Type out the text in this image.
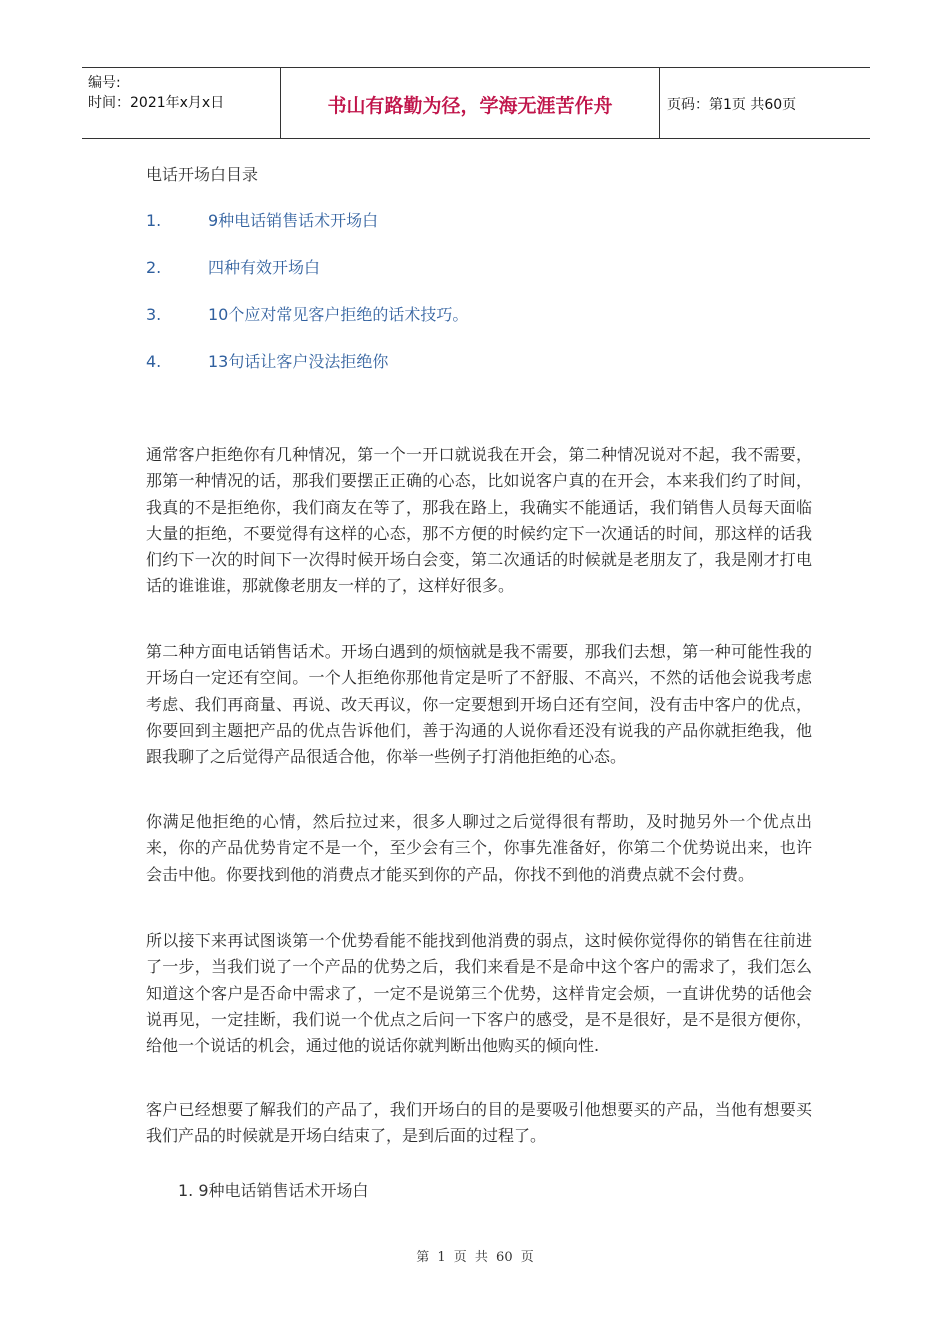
编号:
时间：2021年x月x日	书山有路勤为径，学海无涯苦作舟	页码：第1页 共60页
电话开场白目录
1.	9种电话销售话术开场白
2.	四种有效开场白
3.	10个应对常见客户拒绝的话术技巧。
4.	13句话让客户没法拒绝你

通常客户拒绝你有几种情况，第一个一开口就说我在开会，第二种情况说对不起，我不需要，那第一种情况的话，那我们要摆正正确的心态，比如说客户真的在开会，本来我们约了时间，我真的不是拒绝你，我们商友在等了，那我在路上，我确实不能通话，我们销售人员每天面临大量的拒绝，不要觉得有这样的心态，那不方便的时候约定下一次通话的时间，那这样的话我们约下一次的时间下一次得时候开场白会变，第二次通话的时候就是老朋友了，我是刚才打电话的谁谁谁，那就像老朋友一样的了，这样好很多。

第二种方面电话销售话术。开场白遇到的烦恼就是我不需要，那我们去想，第一种可能性我的开场白一定还有空间。一个人拒绝你那他肯定是听了不舒服、不高兴，不然的话他会说我考虑考虑、我们再商量、再说、改天再议，你一定要想到开场白还有空间，没有击中客户的优点，你要回到主题把产品的优点告诉他们，善于沟通的人说你看还没有说我的产品你就拒绝我，他跟我聊了之后觉得产品很适合他，你举一些例子打消他拒绝的心态。

你满足他拒绝的心情，然后拉过来，很多人聊过之后觉得很有帮助，及时抛另外一个优点出来，你的产品优势肯定不是一个，至少会有三个，你事先准备好，你第二个优势说出来，也许会击中他。你要找到他的消费点才能买到你的产品，你找不到他的消费点就不会付费。

所以接下来再试图谈第一个优势看能不能找到他消费的弱点，这时候你觉得你的销售在往前进了一步，当我们说了一个产品的优势之后，我们来看是不是命中这个客户的需求了，我们怎么知道这个客户是否命中需求了，一定不是说第三个优势，这样肯定会烦，一直讲优势的话他会说再见，一定挂断，我们说一个优点之后问一下客户的感受，是不是很好，是不是很方便你，给他一个说话的机会，通过他的说话你就判断出他购买的倾向性.

客户已经想要了解我们的产品了，我们开场白的目的是要吸引他想要买的产品，当他有想要买我们产品的时候就是开场白结束了，是到后面的过程了。

1. 9种电话销售话术开场白
第 1 页 共 60 页
